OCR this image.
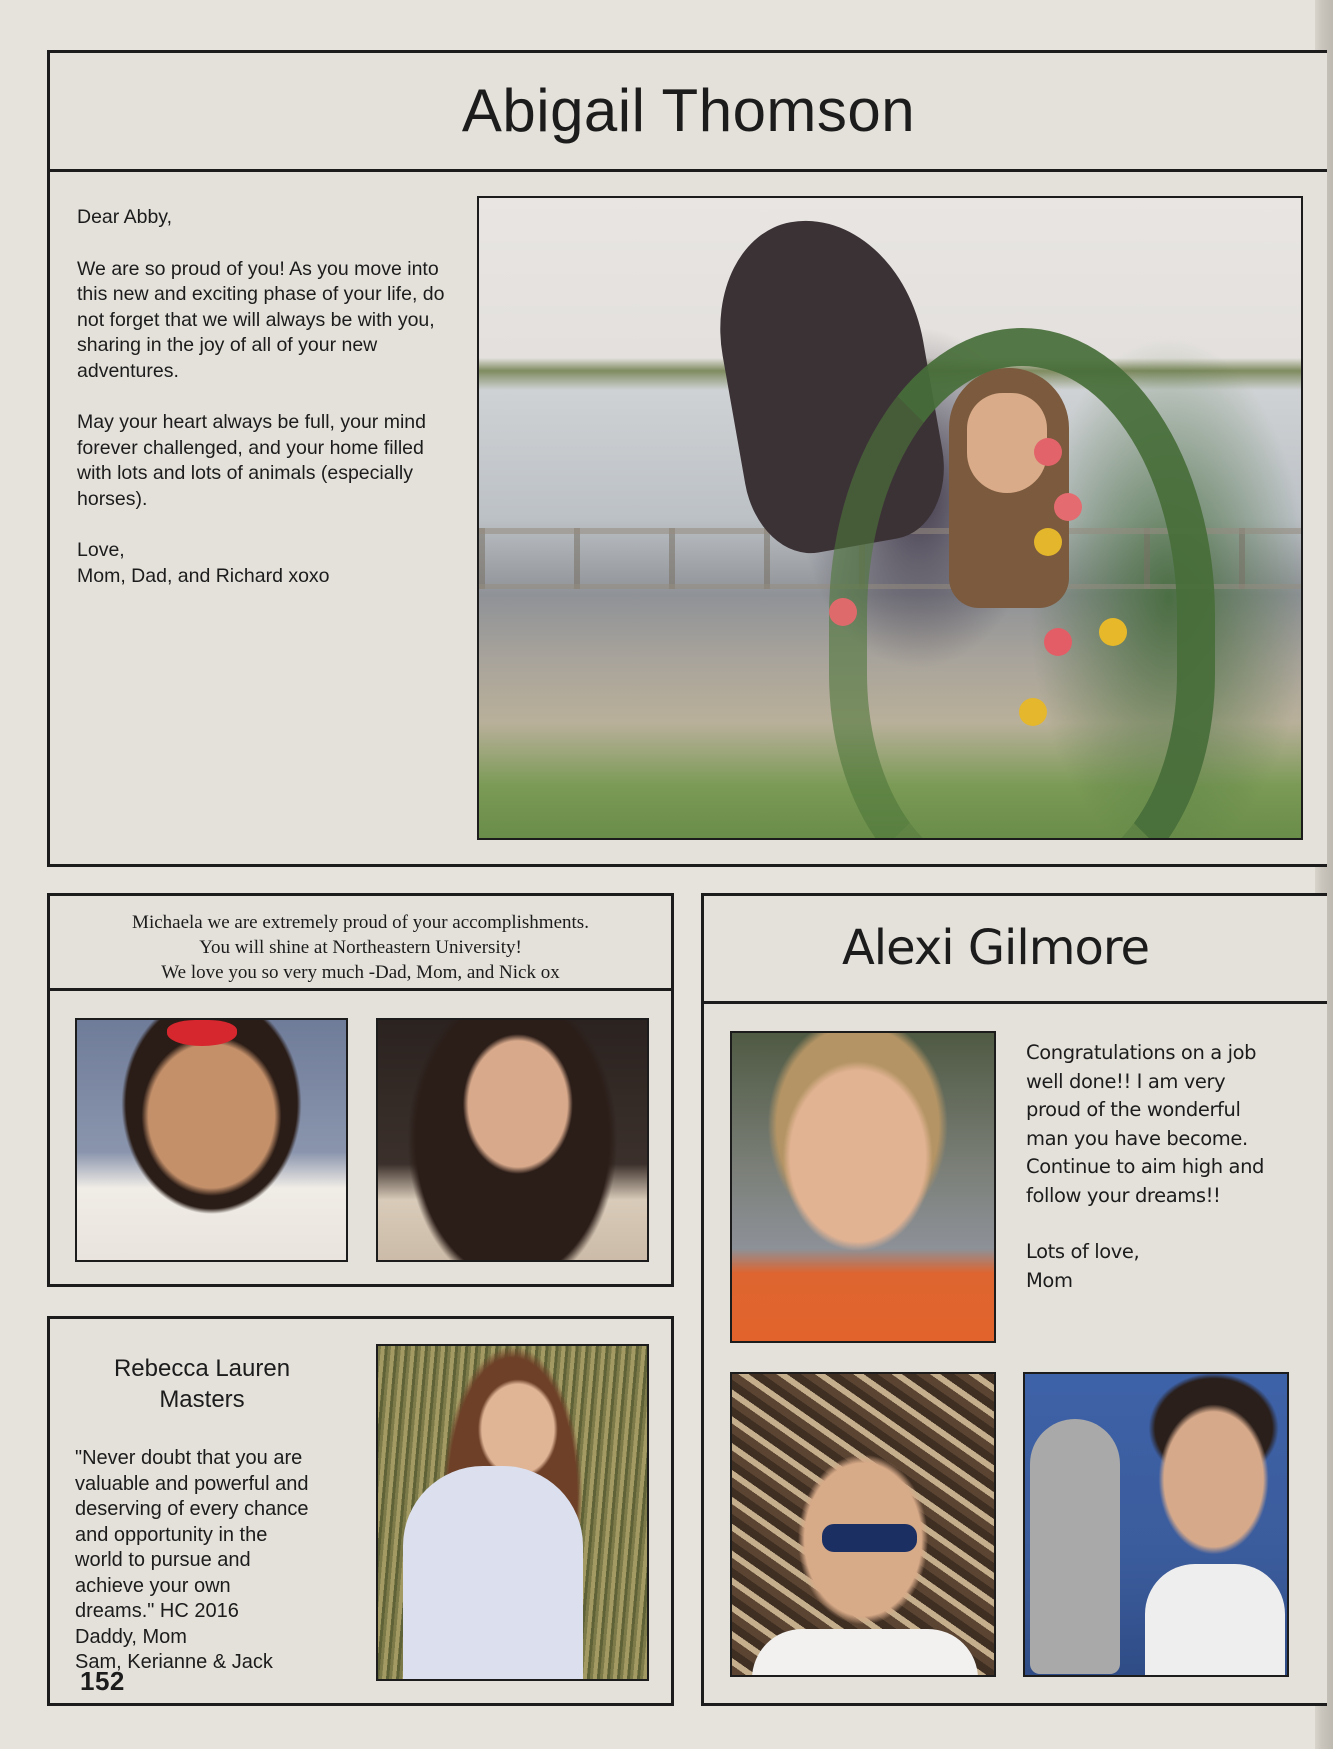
Abigail Thomson

Dear Abby,

We are so proud of you! As you move into this new and exciting phase of your life, do not forget that we will always be with you, sharing in the joy of all of your new adventures.

May your heart always be full, your mind forever challenged, and your home filled with lots and lots of animals (especially horses).

Love,
Mom, Dad, and Richard xoxo
Michaela we are extremely proud of your accomplishments.
You will shine at Northeastern University!
We love you so very much -Dad, Mom, and Nick ox
Rebecca Lauren
Masters
"Never doubt that you are
valuable and powerful and
deserving of every chance
and opportunity in the
world to pursue and
achieve your own
dreams." HC 2016
Daddy, Mom
Sam, Kerianne & Jack
152
Alexi Gilmore

Congratulations on a job well done!! I am very proud of the wonderful man you have become. Continue to aim high and follow your dreams!!

Lots of love,
Mom
